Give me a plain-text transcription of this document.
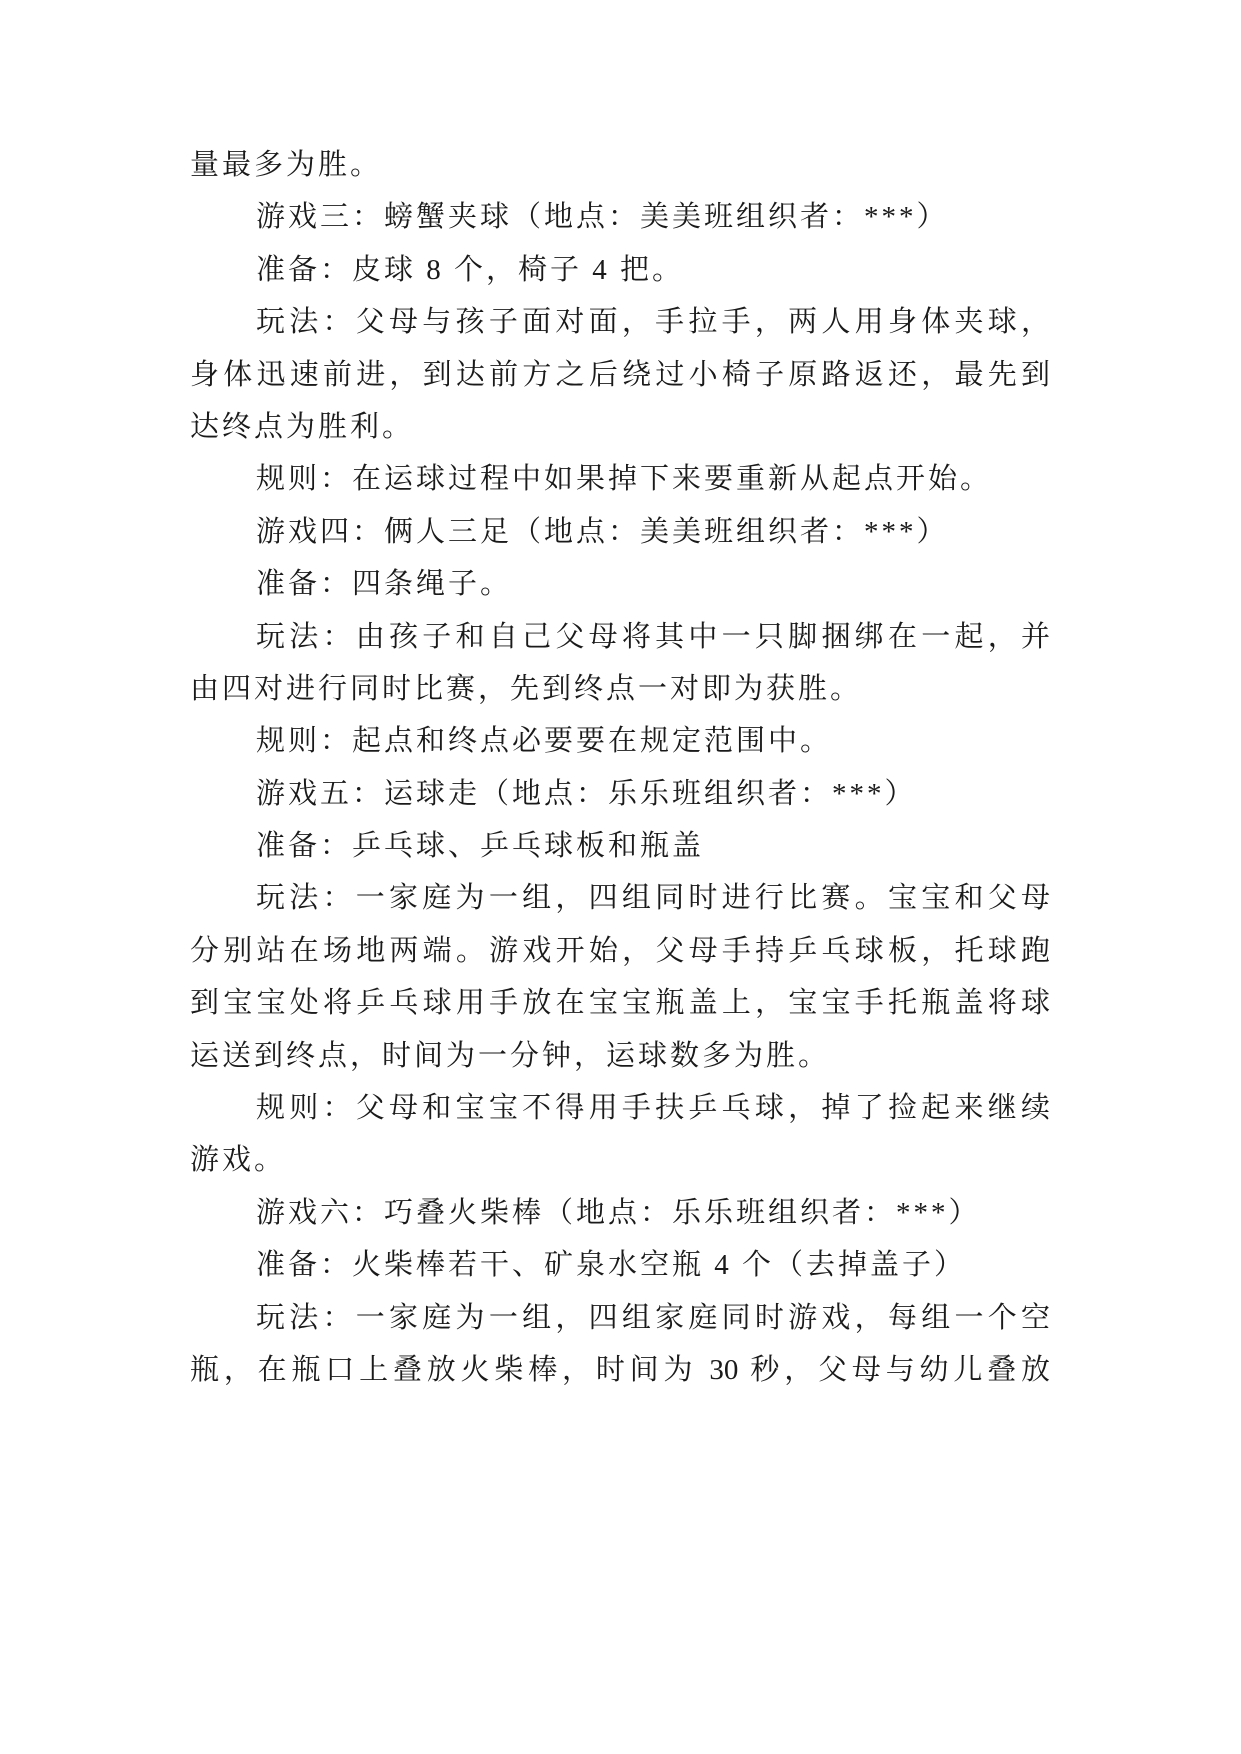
量最多为胜。
游戏三：螃蟹夹球（地点：美美班组织者：***）
准备：皮球 8 个，椅子 4 把。
玩法：父母与孩子面对面，手拉手，两人用身体夹球，
身体迅速前进，到达前方之后绕过小椅子原路返还，最先到
达终点为胜利。
规则：在运球过程中如果掉下来要重新从起点开始。
游戏四：俩人三足（地点：美美班组织者：***）
准备：四条绳子。
玩法：由孩子和自己父母将其中一只脚捆绑在一起，并
由四对进行同时比赛，先到终点一对即为获胜。
规则：起点和终点必要要在规定范围中。
游戏五：运球走（地点：乐乐班组织者：***）
准备：乒乓球、乒乓球板和瓶盖
玩法：一家庭为一组，四组同时进行比赛。宝宝和父母
分别站在场地两端。游戏开始，父母手持乒乓球板，托球跑
到宝宝处将乒乓球用手放在宝宝瓶盖上，宝宝手托瓶盖将球
运送到终点，时间为一分钟，运球数多为胜。
规则：父母和宝宝不得用手扶乒乓球，掉了捡起来继续
游戏。
游戏六：巧叠火柴棒（地点：乐乐班组织者：***）
准备：火柴棒若干、矿泉水空瓶 4 个（去掉盖子）
玩法：一家庭为一组，四组家庭同时游戏，每组一个空
瓶，在瓶口上叠放火柴棒，时间为 30 秒，父母与幼儿叠放
